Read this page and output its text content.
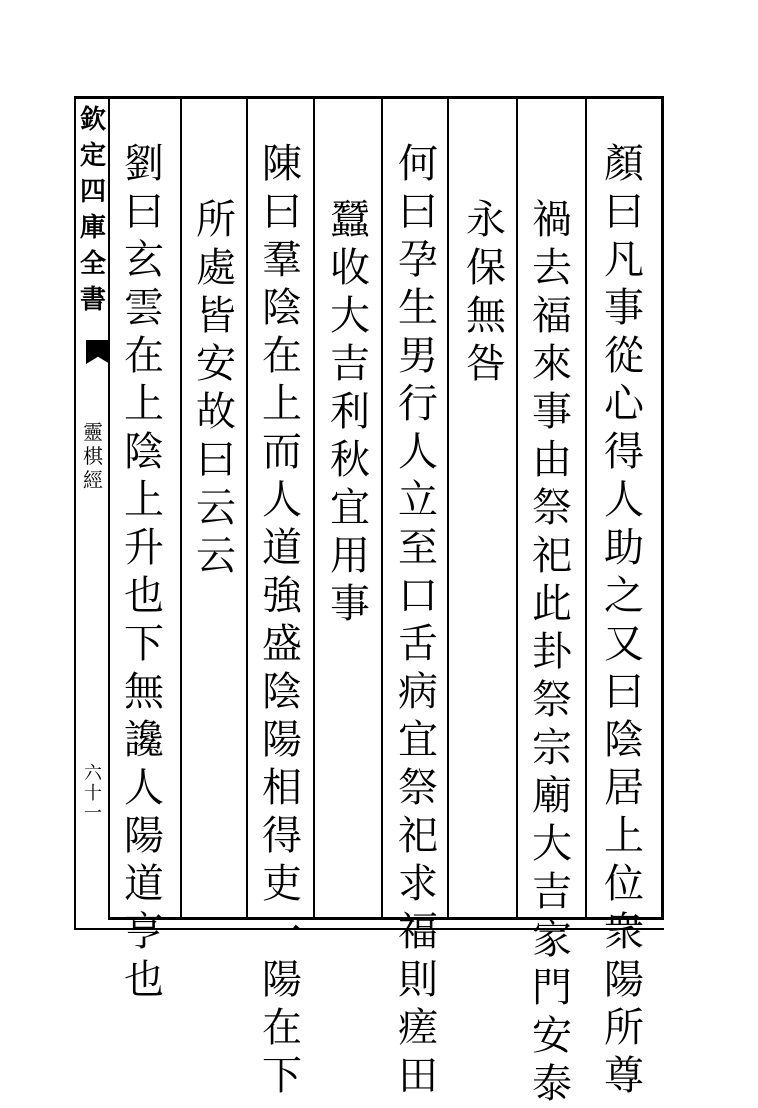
欽
定
四
庫
全
書
靈
棋
經
六
十
一
顏
曰
凡
事
從
心
得
人
助
之
又
曰
陰
居
上
位
衆
陽
所
尊
禍
去
福
來
事
由
祭
祀
此
卦
祭
宗
廟
大
吉
家
門
安
泰
永
保
無
咎
何
曰
孕
生
男
行
人
立
至
口
舌
病
宜
祭
祀
求
福
則
瘥
田
蠶
收
大
吉
利
秋
宜
用
事
陳
曰
羣
陰
在
上
而
人
道
強
盛
陰
陽
相
得
吏
一
陽
在
下
所
處
皆
安
故
曰
云
云
劉
曰
玄
雲
在
上
陰
上
升
也
下
無
讒
人
陽
道
亨
也
